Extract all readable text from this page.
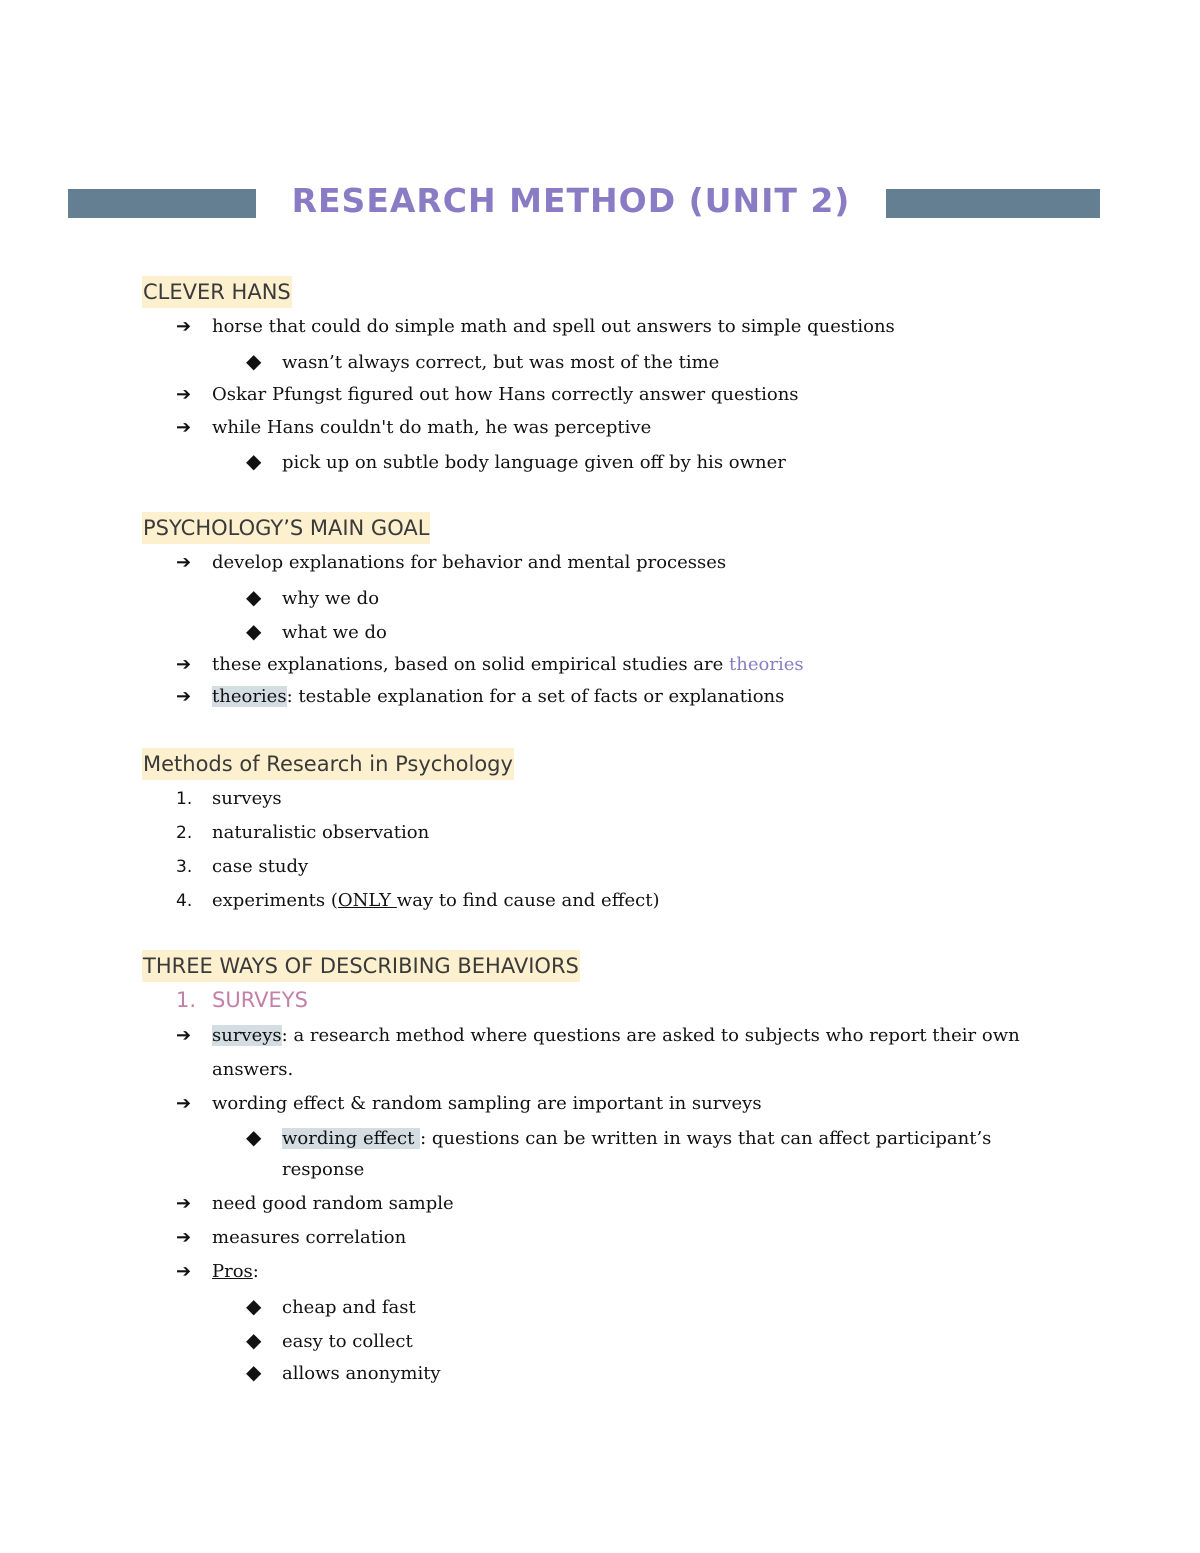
RESEARCH METHOD (UNIT 2)
CLEVER HANS
➔ horse that could do simple math and spell out answers to simple questions
◆ wasn’t always correct, but was most of the time
➔ Oskar Pfungst figured out how Hans correctly answer questions
➔ while Hans couldn't do math, he was perceptive
◆ pick up on subtle body language given off by his owner
PSYCHOLOGY’S MAIN GOAL
➔ develop explanations for behavior and mental processes
◆ why we do
◆ what we do
➔ these explanations, based on solid empirical studies are theories
➔ theories: testable explanation for a set of facts or explanations
Methods of Research in Psychology
1. surveys
2. naturalistic observation
3. case study
4. experiments (ONLY way to find cause and effect)
THREE WAYS OF DESCRIBING BEHAVIORS
1. SURVEYS
➔ surveys: a research method where questions are asked to subjects who report their own
answers.
➔ wording effect & random sampling are important in surveys
◆ wording effect : questions can be written in ways that can affect participant’s
response
➔ need good random sample
➔ measures correlation
➔ Pros:
◆ cheap and fast
◆ easy to collect
◆ allows anonymity
